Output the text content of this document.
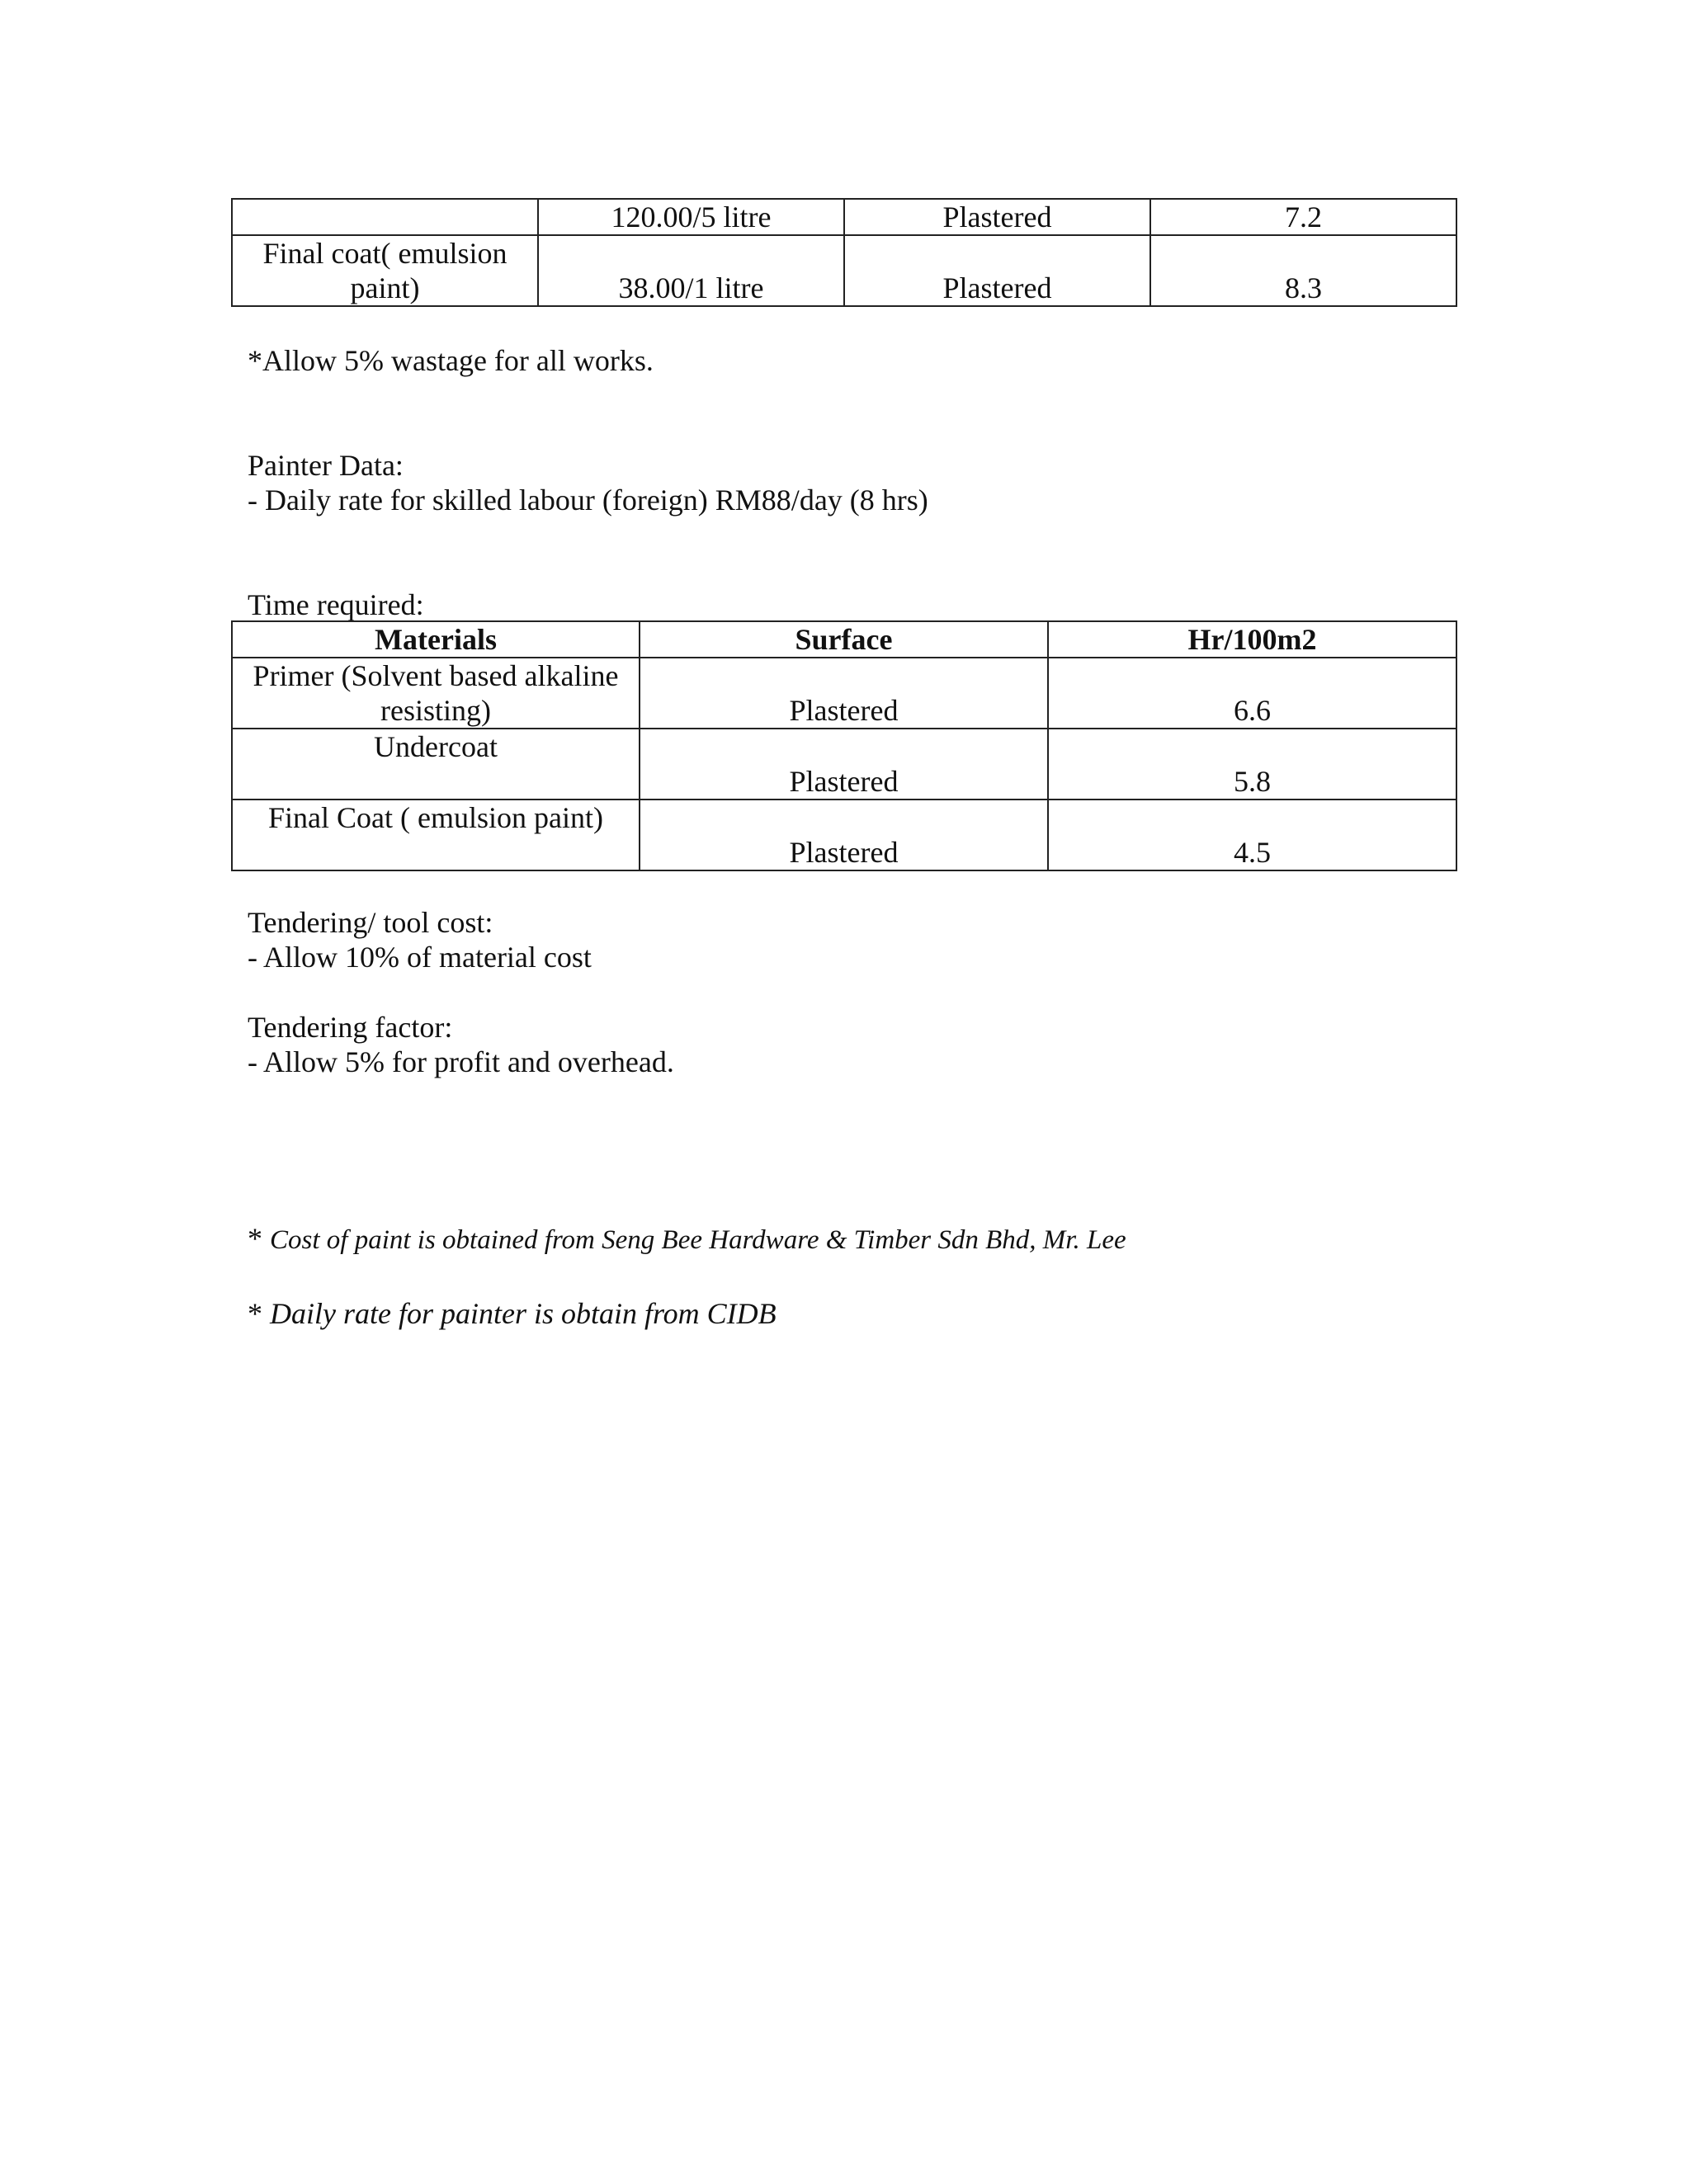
	120.00/5 litre	Plastered	7.2
Final coat( emulsion paint)	38.00/1 litre	Plastered	8.3
*Allow 5% wastage for all works.
Painter Data:
- Daily rate for skilled labour (foreign) RM88/day (8 hrs)
Time required:
Materials	Surface	Hr/100m2
Primer (Solvent based alkaline resisting)	Plastered	6.6
Undercoat	Plastered	5.8
Final Coat ( emulsion paint)	Plastered	4.5
Tendering/ tool cost:
- Allow 10% of material cost
Tendering factor:
- Allow 5% for profit and overhead.
* Cost of paint is obtained from Seng Bee Hardware & Timber Sdn Bhd, Mr. Lee
* Daily rate for painter is obtain from CIDB
